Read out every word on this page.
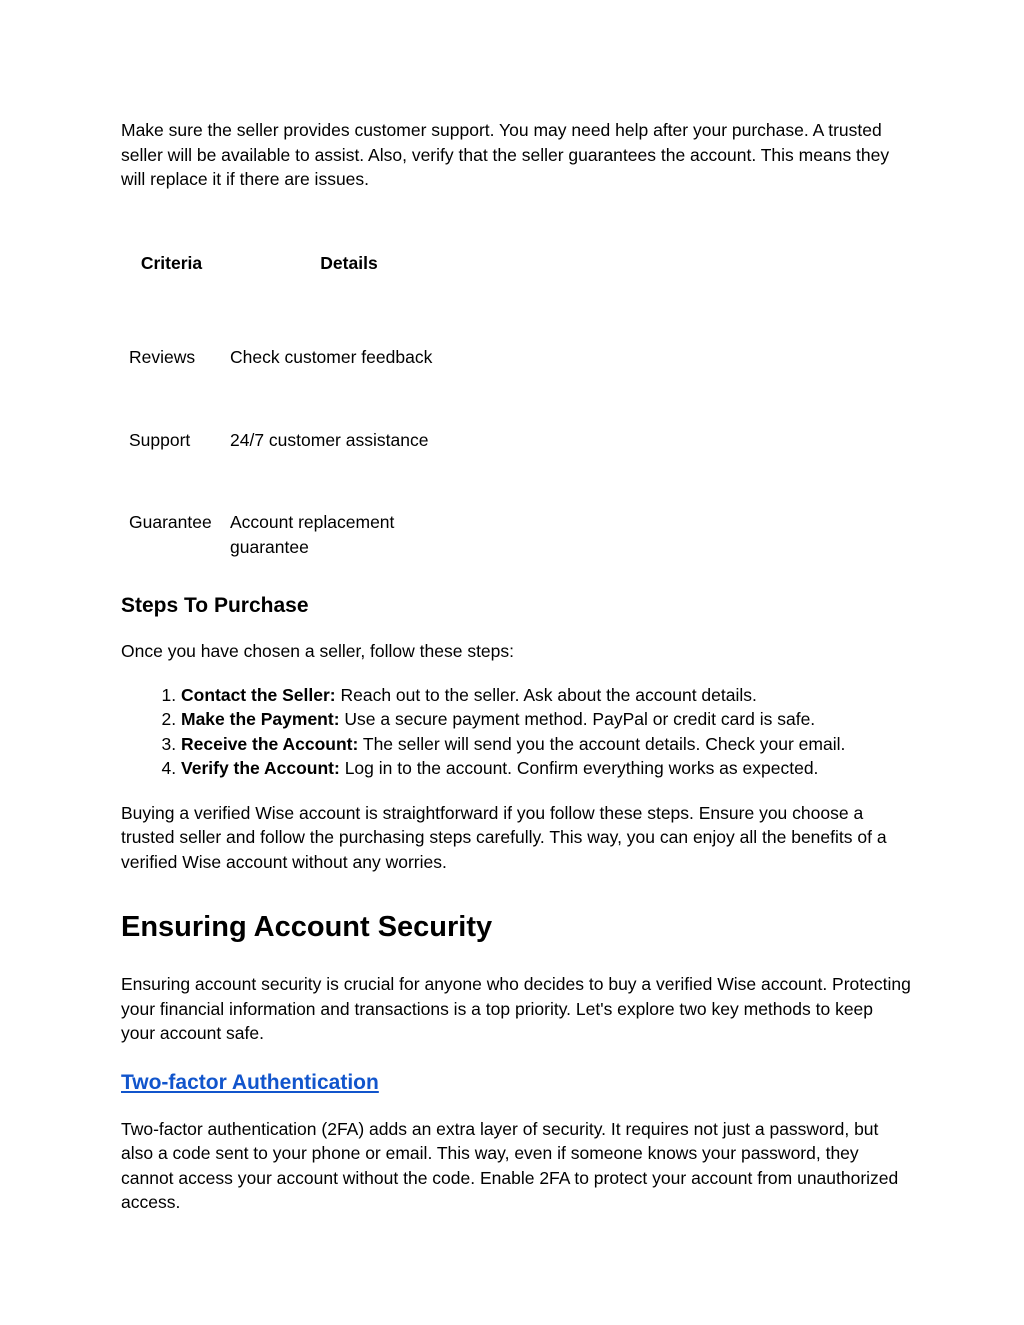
Make sure the seller provides customer support. You may need help after your purchase. A trusted seller will be available to assist. Also, verify that the seller guarantees the account. This means they will replace it if there are issues.

Criteria	Details

Reviews	Check customer feedback

Support	24/7 customer assistance

Guarantee	Account replacement guarantee
Steps To Purchase

Once you have chosen a seller, follow these steps:

1. Contact the Seller: Reach out to the seller. Ask about the account details.
2. Make the Payment: Use a secure payment method. PayPal or credit card is safe.
3. Receive the Account: The seller will send you the account details. Check your email.
4. Verify the Account: Log in to the account. Confirm everything works as expected.

Buying a verified Wise account is straightforward if you follow these steps. Ensure you choose a trusted seller and follow the purchasing steps carefully. This way, you can enjoy all the benefits of a verified Wise account without any worries.

Ensuring Account Security

Ensuring account security is crucial for anyone who decides to buy a verified Wise account. Protecting your financial information and transactions is a top priority. Let's explore two key methods to keep your account safe.

Two-factor Authentication

Two-factor authentication (2FA) adds an extra layer of security. It requires not just a password, but also a code sent to your phone or email. This way, even if someone knows your password, they cannot access your account without the code. Enable 2FA to protect your account from unauthorized access.
